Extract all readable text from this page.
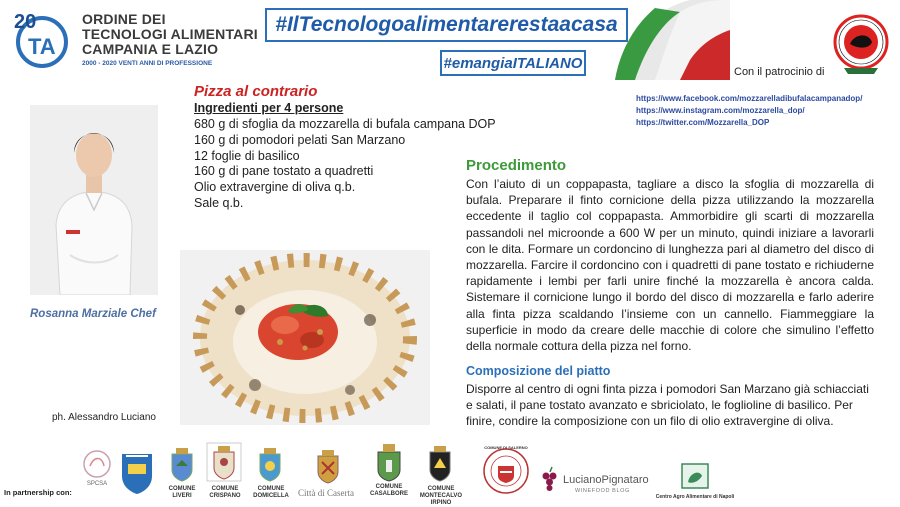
20
TA
ORDINE DEI
TECNOLOGI ALIMENTARI
CAMPANIA E LAZIO
2000 - 2020 VENTI ANNI DI PROFESSIONE
#IlTecnologoalimentarerestaacasa
#emangiaITALIANO
Con il patrocinio di
https://www.facebook.com/mozzarelladibufalacampanadop/
https://www.instagram.com/mozzarella_dop/
https://twitter.com/Mozzarella_DOP
Rosanna Marziale Chef
ph. Alessandro Luciano
Pizza al contrario
Ingredienti per 4 persone
680 g di sfoglia da mozzarella di bufala campana DOP
160 g di pomodori pelati San Marzano
12 foglie di basilico
160 g di pane tostato a quadretti
Olio extravergine di oliva q.b.
Sale q.b.
Procedimento
Con l’aiuto di un coppapasta, tagliare a disco la sfoglia di mozzarella di bufala. Preparare il finto cornicione della pizza utilizzando la mozzarella eccedente il taglio col coppapasta. Ammorbidire gli scarti di mozzarella passandoli nel microonde a 600 W per un minuto, quindi iniziare a lavorarli con le dita. Formare un cordoncino di lunghezza pari al diametro del disco di mozzarella. Farcire il cordoncino con i quadretti di pane tostato e richiuderne rapidamente i lembi per farli unire finché la mozzarella è ancora calda. Sistemare il cornicione lungo il bordo del disco di mozzarella e farlo aderire alla finta pizza scaldando l’insieme con un cannello. Fiammeggiare la superficie in modo da creare delle macchie di colore che simulino l’effetto della normale cottura della pizza nel forno.
Composizione del piatto
Disporre al centro di ogni finta pizza i pomodori San Marzano già schiacciati e salati, il pane tostato avanzato e sbriciolato, le foglioline di basilico. Per finire, condire la composizione con un filo di olio extravergine di oliva.
In partnership con:
SPCSA
COMUNE LIVERI
COMUNE CRISPANO
COMUNE DOMICELLA	Città di Caserta
COMUNE CASALBORE
COMUNE MONTECALVO IRPINO
COMUNE DI SALERNO
LucianoPignataro
WINEFOOD BLOG
Centro Agro Alimentare di Napoli
